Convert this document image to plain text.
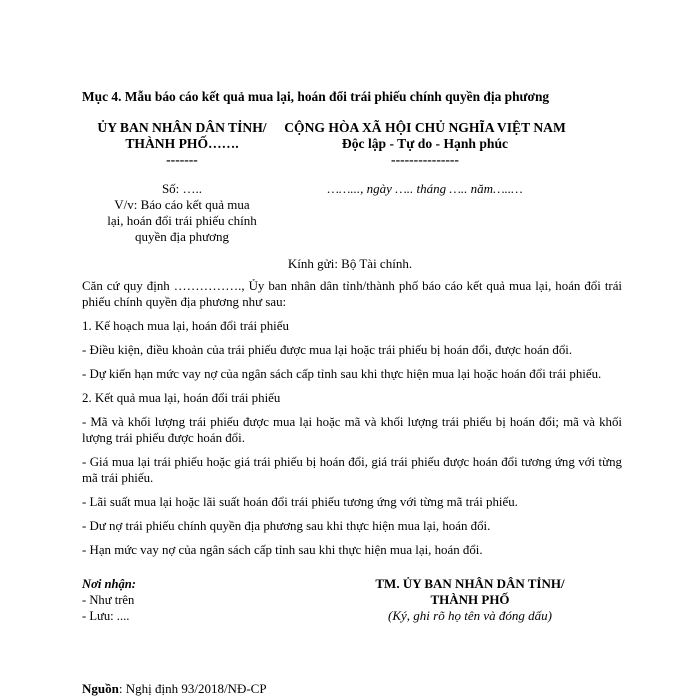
Mục 4. Mẫu báo cáo kết quả mua lại, hoán đổi trái phiếu chính quyền địa phương
ỦY BAN NHÂN DÂN TỈNH/
THÀNH PHỐ…….
-------
CỘNG HÒA XÃ HỘI CHỦ NGHĨA VIỆT NAM
Độc lập - Tự do - Hạnh phúc
---------------
Số: …..
V/v: Báo cáo kết quả mua
lại, hoán đổi trái phiếu chính
quyền địa phương
……..., ngày ….. tháng ….. năm…..…
Kính gửi: Bộ Tài chính.

Căn cứ quy định ……………., Ủy ban nhân dân tỉnh/thành phố báo cáo kết quả mua lại, hoán đổi trái phiếu chính quyền địa phương như sau:

1. Kế hoạch mua lại, hoán đổi trái phiếu

- Điều kiện, điều khoản của trái phiếu được mua lại hoặc trái phiếu bị hoán đổi, được hoán đổi.

- Dự kiến hạn mức vay nợ của ngân sách cấp tỉnh sau khi thực hiện mua lại hoặc hoán đổi trái phiếu.

2. Kết quả mua lại, hoán đổi trái phiếu

- Mã và khối lượng trái phiếu được mua lại hoặc mã và khối lượng trái phiếu bị hoán đổi; mã và khối lượng trái phiếu được hoán đổi.

- Giá mua lại trái phiếu hoặc giá trái phiếu bị hoán đổi, giá trái phiếu được hoán đổi tương ứng với từng mã trái phiếu.

- Lãi suất mua lại hoặc lãi suất hoán đổi trái phiếu tương ứng với từng mã trái phiếu.

- Dư nợ trái phiếu chính quyền địa phương sau khi thực hiện mua lại, hoán đổi.

- Hạn mức vay nợ của ngân sách cấp tỉnh sau khi thực hiện mua lại, hoán đổi.

Nơi nhận:
- Như trên
- Lưu: ....
TM. ỦY BAN NHÂN DÂN TỈNH/
THÀNH PHỐ
(Ký, ghi rõ họ tên và đóng dấu)
Nguồn: Nghị định 93/2018/NĐ-CP
